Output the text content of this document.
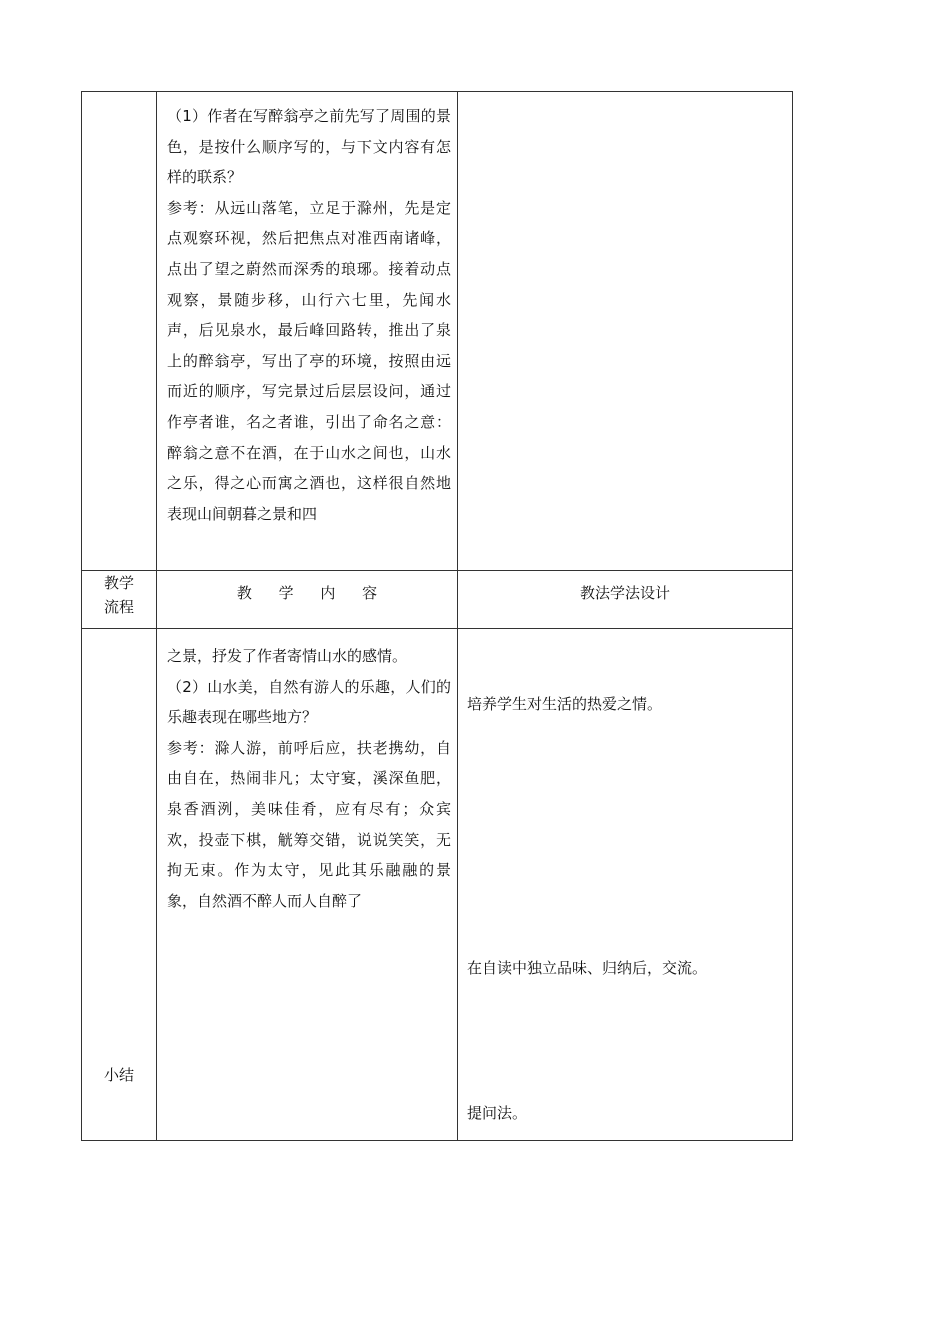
（1）作者在写醉翁亭之前先写了周围的景色，是按什么顺序写的，与下文内容有怎样的联系？

参考：从远山落笔，立足于滁州，先是定点观察环视，然后把焦点对准西南诸峰，点出了望之蔚然而深秀的琅琊。接着动点观察，景随步移，山行六七里，先闻水声，后见泉水，最后峰回路转，推出了泉上的醉翁亭，写出了亭的环境，按照由远而近的顺序，写完景过后层层设问，通过作亭者谁，名之者谁，引出了命名之意：醉翁之意不在酒，在于山水之间也，山水之乐，得之心而寓之酒也，这样很自然地表现山间朝暮之景和四

教学
流程
教 学 内 容	教法学法设计

之景，抒发了作者寄情山水的感情。

（2）山水美，自然有游人的乐趣，人们的乐趣表现在哪些地方？

参考：滁人游，前呼后应，扶老携幼，自由自在，热闹非凡；太守宴，溪深鱼肥，泉香酒洌，美味佳肴，应有尽有；众宾欢，投壶下棋，觥筹交错，说说笑笑，无拘无束。作为太守，见此其乐融融的景象，自然酒不醉人而人自醉了

小结
培养学生对生活的热爱之情。
在自读中独立品味、归纳后，交流。
提问法。
